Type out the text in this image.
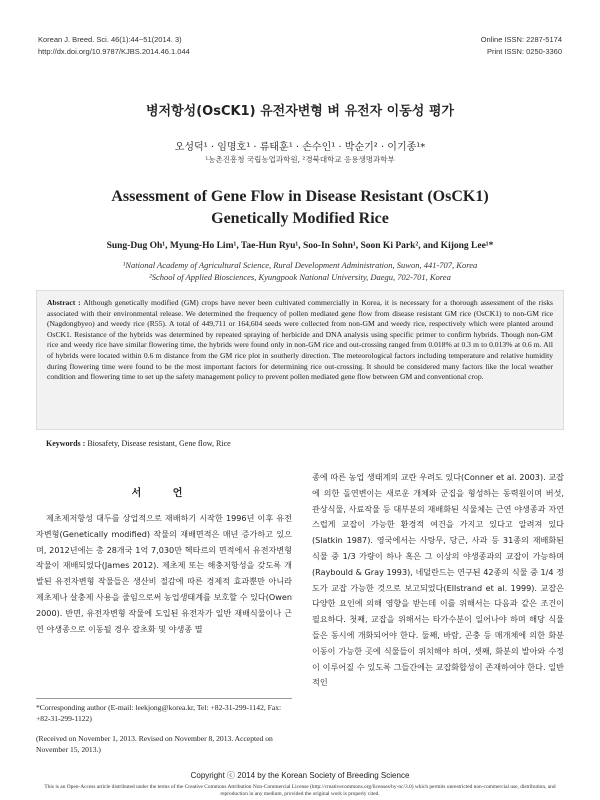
Korean J. Breed. Sci. 46(1):44~51(2014. 3)
http://dx.doi.org/10.9787/KJBS.2014.46.1.044
Online ISSN: 2287-5174
Print ISSN: 0250-3360
병저항성(OsCK1) 유전자변형 벼 유전자 이동성 평가
오성덕¹ · 임명호¹ · 류태훈¹ · 손수인¹ · 박순기² · 이기종¹*
¹농촌진흥청 국립농업과학원, ²경북대학교 응용생명과학부
Assessment of Gene Flow in Disease Resistant (OsCK1)
Genetically Modified Rice
Sung-Dug Oh¹, Myung-Ho Lim¹, Tae-Hun Ryu¹, Soo-In Sohn¹, Soon Ki Park², and Kijong Lee¹*
¹National Academy of Agricultural Science, Rural Development Administration, Suwon, 441-707, Korea
²School of Applied Biosciences, Kyungpook National University, Daegu, 702-701, Korea
Abstract : Although genetically modified (GM) crops have never been cultivated commercially in Korea, it is necessary for a thorough assessment of the risks associated with their environmental release. We determined the frequency of pollen mediated gene flow from disease resistant GM rice (OsCK1) to non-GM rice (Nagdongbyeo) and weedy rice (R55). A total of 449,711 or 164,604 seeds were collected from non-GM and weedy rice, respectively which were planted around OsCK1. Resistance of the hybrids was determined by repeated spraying of herbicide and DNA analysis using specific primer to confirm hybrids. Though non-GM rice and weedy rice have similar flowering time, the hybrids were found only in non-GM rice and out-crossing ranged from 0.018% at 0.3 m to 0.013% at 0.6 m. All of hybrids were located within 0.6 m distance from the GM rice plot in southerly direction. The meteorological factors including temperature and relative humidity during flowering time were found to be the most important factors for determining rice out-crossing. It should be considered many factors like the local weather condition and flowering time to set up the safety management policy to prevent pollen mediated gene flow between GM and conventional crop.
Keywords : Biosafety, Disease resistant, Gene flow, Rice
서 언

제초제저항성 대두를 상업적으로 재배하기 시작한 1996년 이후 유전자변형(Genetically modified) 작물의 재배면적은 매년 증가하고 있으며, 2012년에는 총 28개국 1억 7,030만 헥타르의 면적에서 유전자변형 작물이 재배되었다(James 2012). 제초제 또는 해충저항성을 갖도록 개발된 유전자변형 작물들은 생산비 절감에 따른 경제적 효과뿐만 아니라 제초제나 살충제 사용을 줄임으로써 농업생태계를 보호할 수 있다(Owen 2000). 반면, 유전자변형 작물에 도입된 유전자가 일반 재배식물이나 근연 야생종으로 이동될 경우 잡초화 및 야생종 멸

종에 따른 농업 생태계의 교란 우려도 있다(Conner et al. 2003). 교잡에 의한 돌연변이는 새로운 개체와 군집을 형성하는 동력원이며 버섯, 관상식물, 사료작물 등 대부분의 재배화된 식물체는 근연 야생종과 자연스럽게 교잡이 가능한 환경적 여건을 가지고 있다고 알려져 있다(Slatkin 1987). 영국에서는 사탕무, 당근, 사과 등 31종의 재배화된 식물 중 1/3 가량이 하나 혹은 그 이상의 야생종과의 교잡이 가능하며(Raybould & Gray 1993), 네덜란드는 연구된 42종의 식물 중 1/4 정도가 교잡 가능한 것으로 보고되었다(Ellstrand et al. 1999). 교잡은 다양한 요인에 의해 영향을 받는데 이를 위해서는 다음과 같은 조건이 필요하다. 첫째, 교잡을 위해서는 타가수분이 일어나야 하며 해당 식물들은 동시에 개화되어야 한다. 둘째, 바람, 곤충 등 매개체에 의한 화분 이동이 가능한 곳에 식물들이 위치해야 하며, 셋째, 화분의 발아와 수정이 이루어질 수 있도록 그들간에는 교잡화합성이 존재하여야 한다. 일반적인

*Corresponding author (E-mail: leekjong@korea.kr, Tel: +82-31-299-1142, Fax: +82-31-299-1122)
(Received on November 1, 2013. Revised on November 8, 2013. Accepted on November 15, 2013.)
Copyright ⓒ 2014 by the Korean Society of Breeding Science
This is an Open-Access article distributed under the terms of the Creative Commons Attribution Non-Commercial License (http://creativecommons.org/licenses/by-nc/3.0) which permits unrestricted non-commercial use, distribution, and reproduction in any medium, provided the original work is properly cited.
